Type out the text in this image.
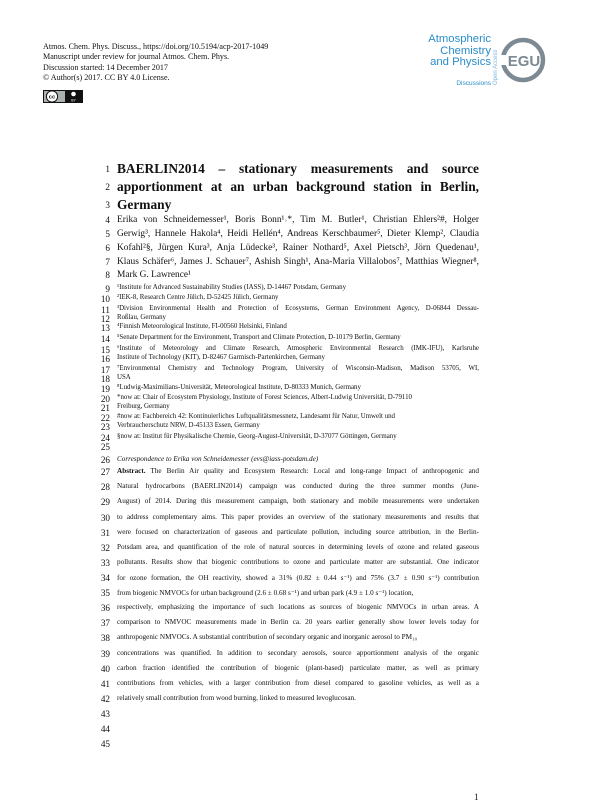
Atmos. Chem. Phys. Discuss., https://doi.org/10.5194/acp-2017-1049
Manuscript under review for journal Atmos. Chem. Phys.
Discussion started: 14 December 2017
© Author(s) 2017. CC BY 4.0 License.
cc	BY
Atmospheric
Chemistry
and Physics
Discussions Open Access EGU
1 BAERLIN2014 – stationary measurements and source
2 apportionment at an urban background station in Berlin,
3 Germany
4 Erika von Schneidemesser¹, Boris Bonn¹˒*, Tim M. Butler¹, Christian Ehlers²#, Holger
5 Gerwig³, Hannele Hakola⁴, Heidi Hellén⁴, Andreas Kerschbaumer⁵, Dieter Klemp², Claudia
6 Kofahl²§, Jürgen Kura³, Anja Lüdecke³, Rainer Nothard⁵, Axel Pietsch³, Jörn Quedenau¹,
7 Klaus Schäfer⁶, James J. Schauer⁷, Ashish Singh¹, Ana-Maria Villalobos⁷, Matthias Wiegner⁸,
8 Mark G. Lawrence¹
9 ¹Institute for Advanced Sustainability Studies (IASS), D-14467 Potsdam, Germany
10 ²IEK-8, Research Centre Jülich, D-52425 Jülich, Germany
11 ³Division Environmental Health and Protection of Ecosystems, German Environment Agency, D-06844 Dessau-
12 Roßlau, Germany
13 ⁴Finnish Meteorological Institute, FI-00560 Helsinki, Finland
14 ⁵Senate Department for the Environment, Transport and Climate Protection, D-10179 Berlin, Germany
15 ⁶Institute of Meteorology and Climate Research, Atmospheric Environmental Research (IMK-IFU), Karlsruhe
16 Institute of Technology (KIT), D-82467 Garmisch-Partenkirchen, Germany
17 ⁷Environmental Chemistry and Technology Program, University of Wisconsin-Madison, Madison 53705, WI,
18 USA
19 ⁸Ludwig-Maximilians-Universität, Meteorological Institute, D-80333 Munich, Germany
20 *now at: Chair of Ecosystem Physiology, Institute of Forest Sciences, Albert-Ludwig Universität, D-79110
21 Freiburg, Germany
22 #now at: Fachbereich 42: Kontinuierliches Luftqualitätsmessnetz, Landesamt für Natur, Umwelt und
23 Verbraucherschutz NRW, D-45133 Essen, Germany
24 §now at: Institut für Physikalische Chemie, Georg-August-Universität, D-37077 Göttingen, Germany
25
26 Correspondence to Erika von Schneidemesser (evs@iass-potsdam.de)
27 Abstract. The Berlin Air quality and Ecosystem Research: Local and long-range Impact of anthropogenic and
28 Natural hydrocarbons (BAERLIN2014) campaign was conducted during the three summer months (June-
29 August) of 2014. During this measurement campaign, both stationary and mobile measurements were undertaken
30 to address complementary aims. This paper provides an overview of the stationary measurements and results that
31 were focused on characterization of gaseous and particulate pollution, including source attribution, in the Berlin-
32 Potsdam area, and quantification of the role of natural sources in determining levels of ozone and related gaseous
33 pollutants. Results show that biogenic contributions to ozone and particulate matter are substantial. One indicator
34 for ozone formation, the OH reactivity, showed a 31% (0.82 ± 0.44 s⁻¹) and 75% (3.7 ± 0.90 s⁻¹) contribution
35 from biogenic NMVOCs for urban background (2.6 ± 0.68 s⁻¹) and urban park (4.9 ± 1.0 s⁻¹) location,
36 respectively, emphasizing the importance of such locations as sources of biogenic NMVOCs in urban areas. A
37 comparison to NMVOC measurements made in Berlin ca. 20 years earlier generally show lower levels today for
38 anthropogenic NMVOCs. A substantial contribution of secondary organic and inorganic aerosol to PM₁₀
39 concentrations was quantified. In addition to secondary aerosols, source apportionment analysis of the organic
40 carbon fraction identified the contribution of biogenic (plant-based) particulate matter, as well as primary
41 contributions from vehicles, with a larger contribution from diesel compared to gasoline vehicles, as well as a
42 relatively small contribution from wood burning, linked to measured levoglucosan.
43
44
45
1
